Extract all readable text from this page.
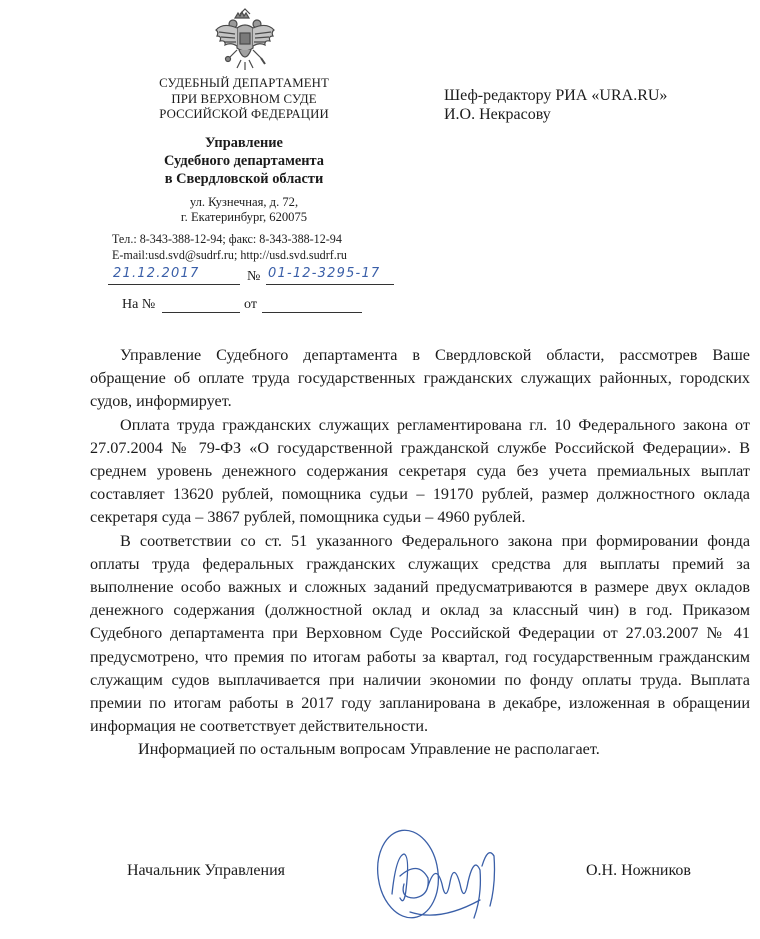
СУДЕБНЫЙ ДЕПАРТАМЕНТ
ПРИ ВЕРХОВНОМ СУДЕ
РОССИЙСКОЙ ФЕДЕРАЦИИ
Управление
Судебного департамента
в Свердловской области
ул. Кузнечная, д. 72,
г. Екатеринбург, 620075
Тел.: 8-343-388-12-94; факс: 8-343-388-12-94
E-mail:usd.svd@sudrf.ru; http://usd.svd.sudrf.ru
21.12.2017	№ 01-12-3295-17
На №	от
Шеф-редактору РИА «URA.RU»
И.О. Некрасову

Управление Судебного департамента в Свердловской области, рассмотрев Ваше обращение об оплате труда государственных гражданских служащих районных, городских судов, информирует.

Оплата труда гражданских служащих регламентирована гл. 10 Федерального закона от 27.07.2004 № 79-ФЗ «О государственной гражданской службе Российской Федерации». В среднем уровень денежного содержания секретаря суда без учета премиальных выплат составляет 13620 рублей, помощника судьи – 19170 рублей, размер должностного оклада секретаря суда – 3867 рублей, помощника судьи – 4960 рублей.

В соответствии со ст. 51 указанного Федерального закона при формировании фонда оплаты труда федеральных гражданских служащих средства для выплаты премий за выполнение особо важных и сложных заданий предусматриваются в размере двух окладов денежного содержания (должностной оклад и оклад за классный чин) в год. Приказом Судебного департамента при Верховном Суде Российской Федерации от 27.03.2007 № 41 предусмотрено, что премия по итогам работы за квартал, год государственным гражданским служащим судов выплачивается при наличии экономии по фонду оплаты труда. Выплата премии по итогам работы в 2017 году запланирована в декабре, изложенная в обращении информация не соответствует действительности.

Информацией по остальным вопросам Управление не располагает.

Начальник Управления	О.Н. Ножников
